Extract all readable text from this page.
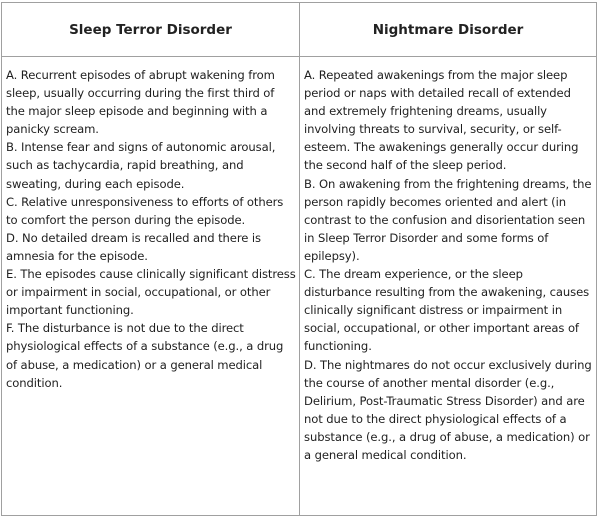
Sleep Terror Disorder	Nightmare Disorder

A. Recurrent episodes of abrupt wakening from sleep, usually occurring during the first third of the major sleep episode and beginning with a panicky scream.

B. Intense fear and signs of autonomic arousal, such as tachycardia, rapid breathing, and sweating, during each episode.

C. Relative unresponsiveness to efforts of others to comfort the person during the episode.

D. No detailed dream is recalled and there is amnesia for the episode.

E. The episodes cause clinically significant distress or impairment in social, occupational, or other important functioning.

F. The disturbance is not due to the direct physiological effects of a substance (e.g., a drug of abuse, a medication) or a general medical condition.

A. Repeated awakenings from the major sleep period or naps with detailed recall of extended and extremely frightening dreams, usually involving threats to survival, security, or self-esteem. The awakenings generally occur during the second half of the sleep period.

B. On awakening from the frightening dreams, the person rapidly becomes oriented and alert (in contrast to the confusion and disorientation seen in Sleep Terror Disorder and some forms of epilepsy).

C. The dream experience, or the sleep disturbance resulting from the awakening, causes clinically significant distress or impairment in social, occupational, or other important areas of functioning.

D. The nightmares do not occur exclusively during the course of another mental disorder (e.g., Delirium, Post-Traumatic Stress Disorder) and are not due to the direct physiological effects of a substance (e.g., a drug of abuse, a medication) or a general medical condition.
